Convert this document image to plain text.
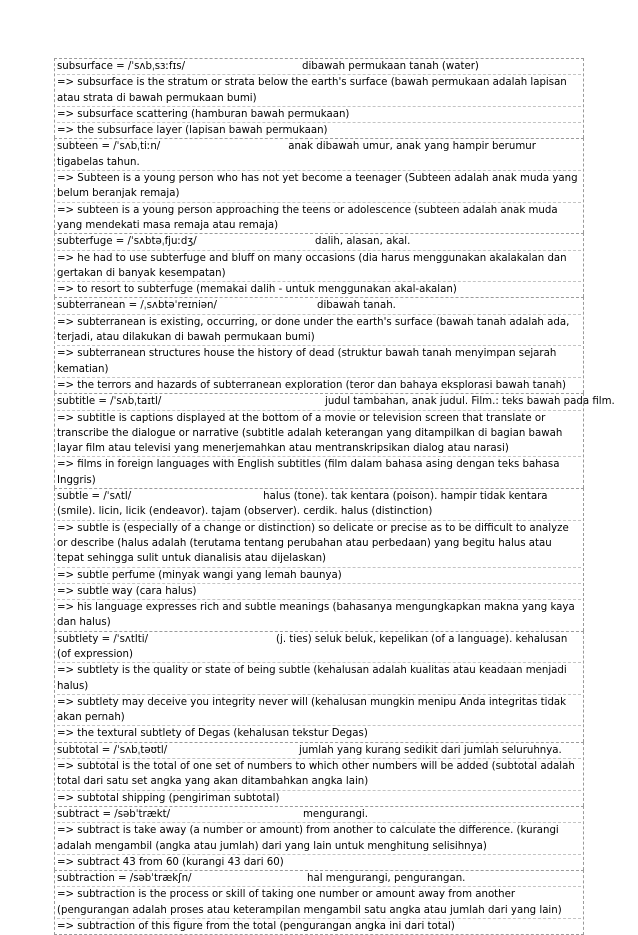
subsurface = /ˈsʌbˌsɜːfɪs/	dibawah permukaan tanah (water)
=> subsurface is the stratum or strata below the earth's surface (bawah permukaan adalah lapisan atau strata di bawah permukaan bumi)
=> subsurface scattering (hamburan bawah permukaan)
=> the subsurface layer (lapisan bawah permukaan)
subteen = /ˈsʌbˌtiːn/	anak dibawah umur, anak yang hampir berumur tigabelas tahun.
=> Subteen is a young person who has not yet become a teenager (Subteen adalah anak muda yang belum beranjak remaja)
=> subteen is a young person approaching the teens or adolescence (subteen adalah anak muda yang mendekati masa remaja atau remaja)
subterfuge = /ˈsʌbtəˌfjuːdʒ/	dalih, alasan, akal.
=> he had to use subterfuge and bluff on many occasions (dia harus menggunakan akalakalan dan gertakan di banyak kesempatan)
=> to resort to subterfuge (memakai dalih - untuk menggunakan akal-akalan)
subterranean = /ˌsʌbtəˈreɪniən/	dibawah tanah.
=> subterranean is existing, occurring, or done under the earth's surface (bawah tanah adalah ada, terjadi, atau dilakukan di bawah permukaan bumi)
=> subterranean structures house the history of dead (struktur bawah tanah menyimpan sejarah kematian)
=> the terrors and hazards of subterranean exploration (teror dan bahaya eksplorasi bawah tanah)
subtitle = /ˈsʌbˌtaɪtl/	judul tambahan, anak judul. Film.: teks bawah pada film.
=> subtitle is captions displayed at the bottom of a movie or television screen that translate or transcribe the dialogue or narrative (subtitle adalah keterangan yang ditampilkan di bagian bawah layar film atau televisi yang menerjemahkan atau mentranskripsikan dialog atau narasi)
=> films in foreign languages with English subtitles (film dalam bahasa asing dengan teks bahasa Inggris)
subtle = /ˈsʌtl/	halus (tone). tak kentara (poison). hampir tidak kentara (smile). licin, licik (endeavor). tajam (observer). cerdik. halus (distinction)
=> subtle is (especially of a change or distinction) so delicate or precise as to be difficult to analyze or describe (halus adalah (terutama tentang perubahan atau perbedaan) yang begitu halus atau tepat sehingga sulit untuk dianalisis atau dijelaskan)
=> subtle perfume (minyak wangi yang lemah baunya)
=> subtle way (cara halus)
=> his language expresses rich and subtle meanings (bahasanya mengungkapkan makna yang kaya dan halus)
subtlety = /ˈsʌtlti/	(j. ties) seluk beluk, kepelikan (of a language). kehalusan (of expression)
=> subtlety is the quality or state of being subtle (kehalusan adalah kualitas atau keadaan menjadi halus)
=> subtlety may deceive you integrity never will (kehalusan mungkin menipu Anda integritas tidak akan pernah)
=> the textural subtlety of Degas (kehalusan tekstur Degas)
subtotal = /ˈsʌbˌtəʊtl/	jumlah yang kurang sedikit dari jumlah seluruhnya.
=> subtotal is the total of one set of numbers to which other numbers will be added (subtotal adalah total dari satu set angka yang akan ditambahkan angka lain)
=> subtotal shipping (pengiriman subtotal)
subtract = /səbˈtrækt/	mengurangi.
=> subtract is take away (a number or amount) from another to calculate the difference. (kurangi adalah mengambil (angka atau jumlah) dari yang lain untuk menghitung selisihnya)
=> subtract 43 from 60 (kurangi 43 dari 60)
subtraction = /səbˈtrækʃn/	hal mengurangi, pengurangan.
=> subtraction is the process or skill of taking one number or amount away from another (pengurangan adalah proses atau keterampilan mengambil satu angka atau jumlah dari yang lain)
=> subtraction of this figure from the total (pengurangan angka ini dari total)
